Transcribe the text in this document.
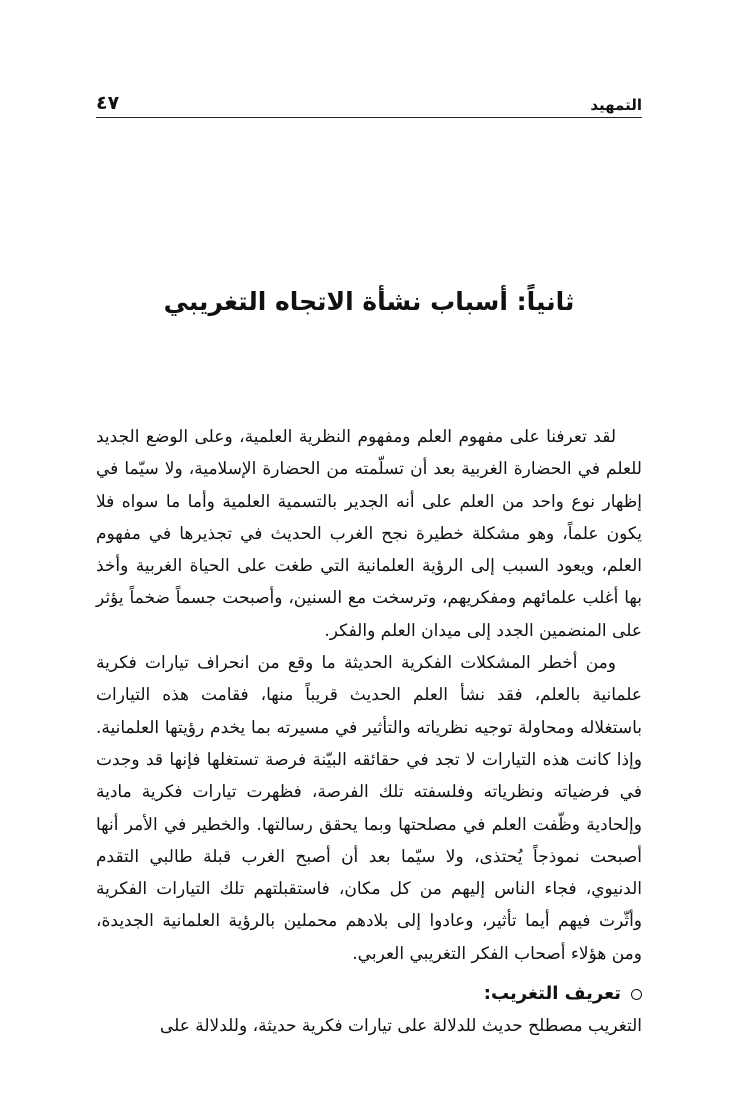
التمهيد
٤٧
ثانياً: أسباب نشأة الاتجاه التغريبي

لقد تعرفنا على مفهوم العلم ومفهوم النظرية العلمية، وعلى الوضع الجديد للعلم في الحضارة الغربية بعد أن تسلّمته من الحضارة الإسلامية، ولا سيّما في إظهار نوع واحد من العلم على أنه الجدير بالتسمية العلمية وأما ما سواه فلا يكون علماً، وهو مشكلة خطيرة نجح الغرب الحديث في تجذيرها في مفهوم العلم، ويعود السبب إلى الرؤية العلمانية التي طغت على الحياة الغربية وأخذ بها أغلب علمائهم ومفكريهم، وترسخت مع السنين، وأصبحت جسماً ضخماً يؤثر على المنضمين الجدد إلى ميدان العلم والفكر.

ومن أخطر المشكلات الفكرية الحديثة ما وقع من انحراف تيارات فكرية علمانية بالعلم، فقد نشأ العلم الحديث قريباً منها، فقامت هذه التيارات باستغلاله ومحاولة توجيه نظرياته والتأثير في مسيرته بما يخدم رؤيتها العلمانية. وإذا كانت هذه التيارات لا تجد في حقائقه البيّنة فرصة تستغلها فإنها قد وجدت في فرضياته ونظرياته وفلسفته تلك الفرصة، فظهرت تيارات فكرية مادية وإلحادية وظّفت العلم في مصلحتها وبما يحقق رسالتها. والخطير في الأمر أنها أصبحت نموذجاً يُحتذى، ولا سيّما بعد أن أصبح الغرب قبلة طالبي التقدم الدنيوي، فجاء الناس إليهم من كل مكان، فاستقبلتهم تلك التيارات الفكرية وأثّرت فيهم أيما تأثير، وعادوا إلى بلادهم محملين بالرؤية العلمانية الجديدة، ومن هؤلاء أصحاب الفكر التغريبي العربي.

تعريف التغريب:

التغريب مصطلح حديث للدلالة على تيارات فكرية حديثة، وللدلالة على
